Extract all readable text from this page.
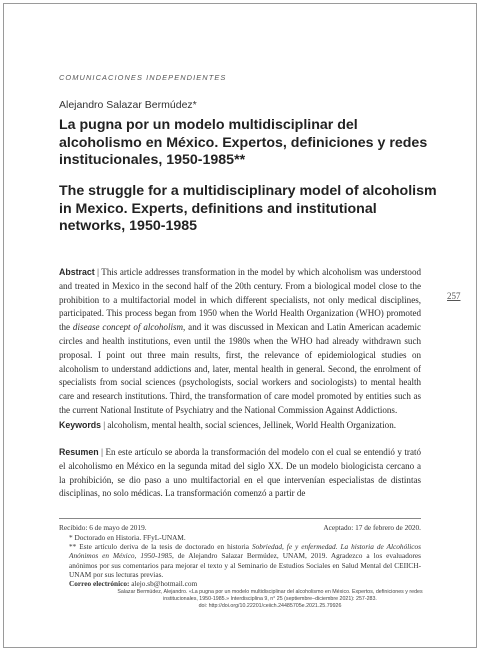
COMUNICACIONES INDEPENDIENTES
Alejandro Salazar Bermúdez*
La pugna por un modelo multidisciplinar del alcoholismo en México. Expertos, definiciones y redes institucionales, 1950-1985**
The struggle for a multidisciplinary model of alcoholism in Mexico. Experts, definitions and institutional networks, 1950-1985
257
Abstract | This article addresses transformation in the model by which alcoholism was understood and treated in Mexico in the second half of the 20th century. From a biological model close to the prohibition to a multifactorial model in which different specialists, not only medical disciplines, participated. This process began from 1950 when the World Health Organization (WHO) promoted the disease concept of alcoholism, and it was discussed in Mexican and Latin American academic circles and health institutions, even until the 1980s when the WHO had already withdrawn such proposal. I point out three main results, first, the relevance of epidemiological studies on alcoholism to understand addictions and, later, mental health in general. Second, the enrolment of specialists from social sciences (psychologists, social workers and sociologists) to mental health care and research institutions. Third, the transformation of care model promoted by entities such as the current National Institute of Psychiatry and the National Commission Against Addictions.
Keywords | alcoholism, mental health, social sciences, Jellinek, World Health Organization.
Resumen | En este artículo se aborda la transformación del modelo con el cual se entendió y trató el alcoholismo en México en la segunda mitad del siglo XX. De un modelo biologicista cercano a la prohibición, se dio paso a uno multifactorial en el que intervenían especialistas de distintas disciplinas, no solo médicas. La transformación comenzó a partir de
Recibido: 6 de mayo de 2019.	Aceptado: 17 de febrero de 2020.
* Doctorado en Historia. FFyL-UNAM.
** Este artículo deriva de la tesis de doctorado en historia Sobriedad, fe y enfermedad. La historia de Alcohólicos Anónimos en México, 1950-1985, de Alejandro Salazar Bermúdez, UNAM, 2019. Agradezco a los evaluadores anónimos por sus comentarios para mejorar el texto y al Seminario de Estudios Sociales en Salud Mental del CEIICH-UNAM por sus lecturas previas.
Correo electrónico: alejo.sb@hotmail.com
Salazar Bermúdez, Alejandro. «La pugna por un modelo multidisciplinar del alcoholismo en México. Expertos, definiciones y redes institucionales, 1950-1985.» Interdisciplina 9, n° 25 (septiembre–diciembre 2021): 257-283.
doi: http://doi.org/10.22201/ceiich.24485705e.2021.25.79926
